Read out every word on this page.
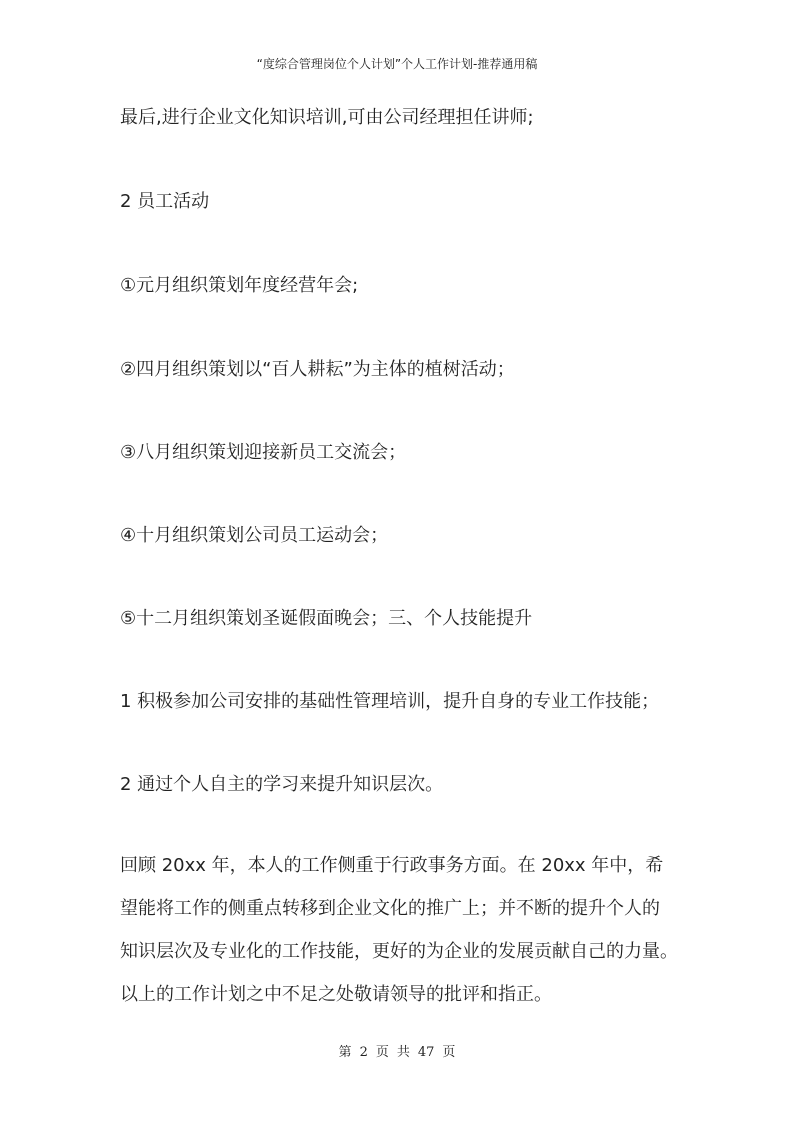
“度综合管理岗位个人计划”个人工作计划-推荐通用稿

最后,进行企业文化知识培训,可由公司经理担任讲师;

2 员工活动

①元月组织策划年度经营年会;

②四月组织策划以“百人耕耘”为主体的植树活动；

③八月组织策划迎接新员工交流会；

④十月组织策划公司员工运动会；

⑤十二月组织策划圣诞假面晚会；三、个人技能提升

1 积极参加公司安排的基础性管理培训，提升自身的专业工作技能；

2 通过个人自主的学习来提升知识层次。

回顾 20xx 年，本人的工作侧重于行政事务方面。在 20xx 年中，希
望能将工作的侧重点转移到企业文化的推广上；并不断的提升个人的
知识层次及专业化的工作技能，更好的为企业的发展贡献自己的力量。
以上的工作计划之中不足之处敬请领导的批评和指正。
第 2 页 共 47 页
